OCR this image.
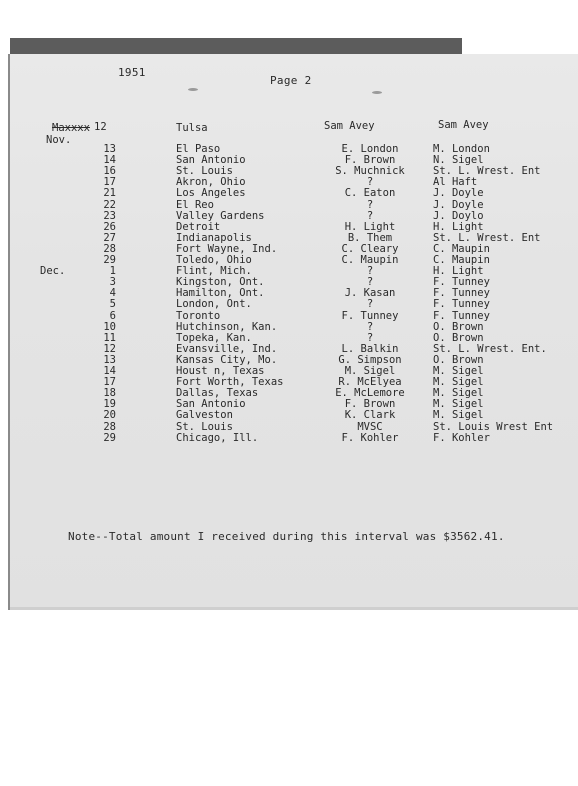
1951
Page 2
Maxxxx 12	Tulsa	Sam Avey	Sam Avey
Nov.
13	El Paso	E. London	M. London
14	San Antonio	F. Brown	N. Sigel
16	St. Louis	S. Muchnick	St. L. Wrest. Ent
17	Akron, Ohio	?	Al Haft
21	Los Angeles	C. Eaton	J. Doyle
22	El Reo	?	J. Doyle
23	Valley Gardens	?	J. Doylo
26	Detroit	H. Light	H. Light
27	Indianapolis	B. Them	St. L. Wrest. Ent
28	Fort Wayne, Ind.	C. Cleary	C. Maupin
29	Toledo, Ohio	C. Maupin	C. Maupin
Dec.	1	Flint, Mich.	?	H. Light
3	Kingston, Ont.	?	F. Tunney
4	Hamilton, Ont.	J. Kasan	F. Tunney
5	London, Ont.	?	F. Tunney
6	Toronto	F. Tunney	F. Tunney
10	Hutchinson, Kan.	?	O. Brown
11	Topeka, Kan.	?	O. Brown
12	Evansville, Ind.	L. Balkin	St. L. Wrest. Ent.
13	Kansas City, Mo.	G. Simpson	O. Brown
14	Houst n, Texas	M. Sigel	M. Sigel
17	Fort Worth, Texas	R. McElyea	M. Sigel
18	Dallas, Texas	E. McLemore	M. Sigel
19	San Antonio	F. Brown	M. Sigel
20	Galveston	K. Clark	M. Sigel
28	St. Louis	MVSC	St. Louis Wrest Ent
29	Chicago, Ill.	F. Kohler	F. Kohler
Note--Total amount I received during this interval was $3562.41.
